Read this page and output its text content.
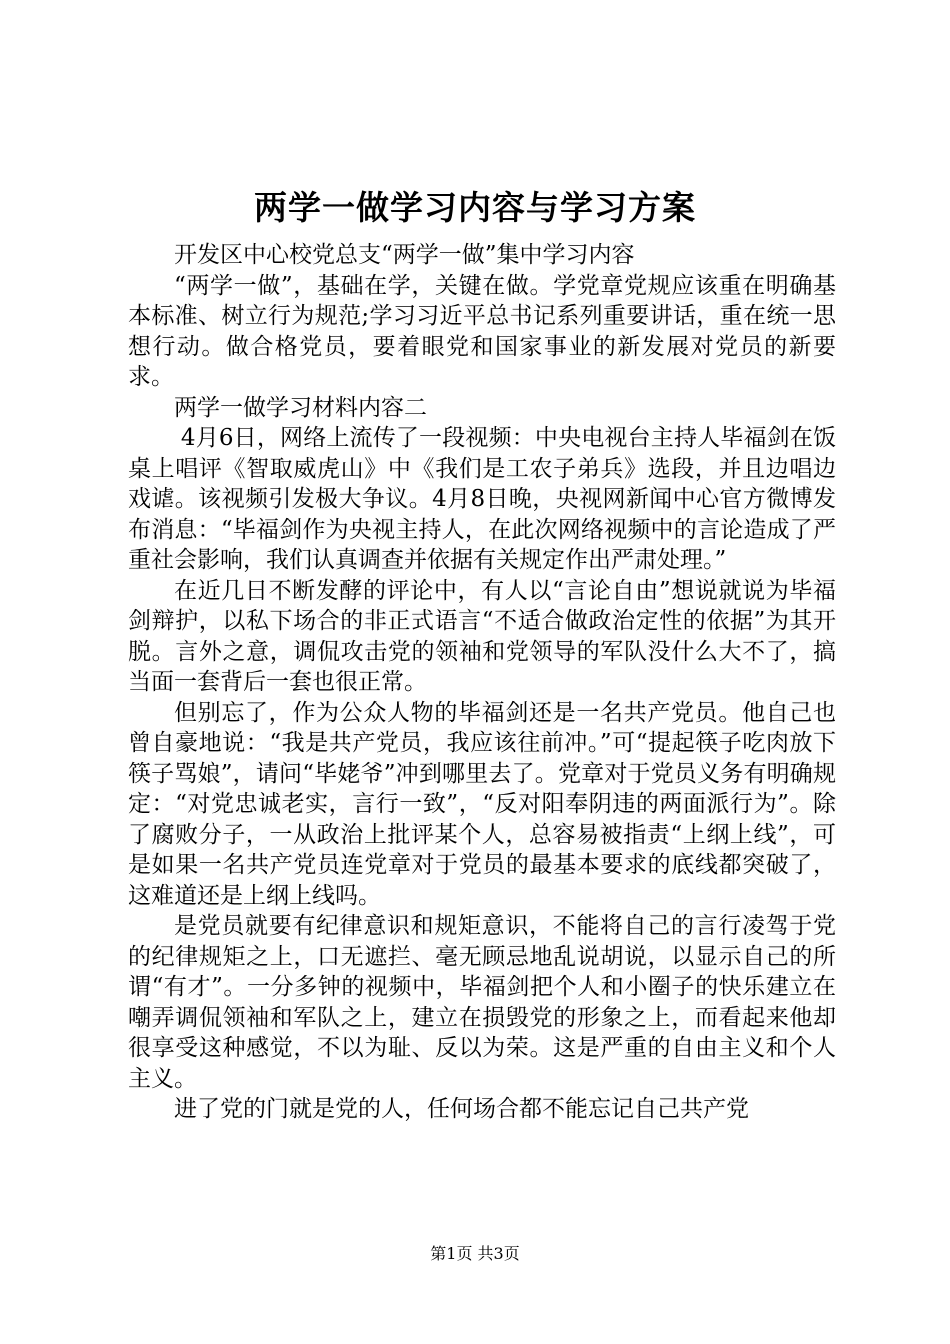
两学一做学习内容与学习方案

开发区中心校党总支“两学一做”集中学习内容

“两学一做”，基础在学，关键在做。学党章党规应该重在明确基本标准、树立行为规范;学习习近平总书记系列重要讲话，重在统一思想行动。做合格党员，要着眼党和国家事业的新发展对党员的新要求。

两学一做学习材料内容二

4月6日，网络上流传了一段视频：中央电视台主持人毕福剑在饭桌上唱评《智取威虎山》中《我们是工农子弟兵》选段，并且边唱边戏谑。该视频引发极大争议。4月8日晚，央视网新闻中心官方微博发布消息：“毕福剑作为央视主持人，在此次网络视频中的言论造成了严重社会影响，我们认真调查并依据有关规定作出严肃处理。”

在近几日不断发酵的评论中，有人以“言论自由”想说就说为毕福剑辩护，以私下场合的非正式语言“不适合做政治定性的依据”为其开脱。言外之意，调侃攻击党的领袖和党领导的军队没什么大不了，搞当面一套背后一套也很正常。

但别忘了，作为公众人物的毕福剑还是一名共产党员。他自己也曾自豪地说：“我是共产党员，我应该往前冲。”可“提起筷子吃肉放下筷子骂娘”，请问“毕姥爷”冲到哪里去了。党章对于党员义务有明确规定：“对党忠诚老实，言行一致”，“反对阳奉阴违的两面派行为”。除了腐败分子，一从政治上批评某个人，总容易被指责“上纲上线”，可是如果一名共产党员连党章对于党员的最基本要求的底线都突破了，这难道还是上纲上线吗。

是党员就要有纪律意识和规矩意识，不能将自己的言行凌驾于党的纪律规矩之上，口无遮拦、毫无顾忌地乱说胡说，以显示自己的所谓“有才”。一分多钟的视频中，毕福剑把个人和小圈子的快乐建立在嘲弄调侃领袖和军队之上，建立在损毁党的形象之上，而看起来他却很享受这种感觉，不以为耻、反以为荣。这是严重的自由主义和个人主义。

进了党的门就是党的人，任何场合都不能忘记自己共产党

第1页 共3页
